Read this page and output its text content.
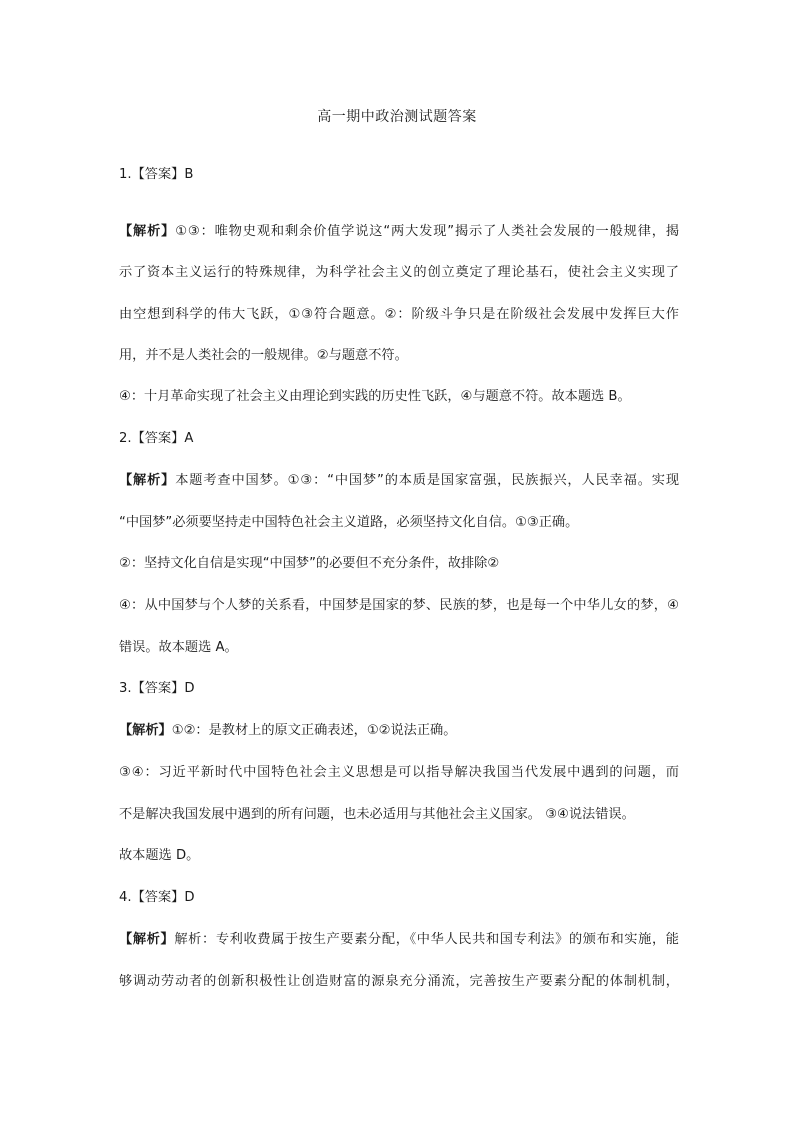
高一期中政治测试题答案
1.【答案】B
【解析】①③：唯物史观和剩余价值学说这“两大发现”揭示了人类社会发展的一般规律，揭
示了资本主义运行的特殊规律，为科学社会主义的创立奠定了理论基石，使社会主义实现了
由空想到科学的伟大飞跃，①③符合题意。②：阶级斗争只是在阶级社会发展中发挥巨大作
用，并不是人类社会的一般规律。②与题意不符。
④：十月革命实现了社会主义由理论到实践的历史性飞跃，④与题意不符。故本题选 B。
2.【答案】A
【解析】本题考查中国梦。①③：“中国梦”的本质是国家富强，民族振兴，人民幸福。实现
“中国梦”必须要坚持走中国特色社会主义道路，必须坚持文化自信。①③正确。
②：坚持文化自信是实现“中国梦”的必要但不充分条件，故排除②
④：从中国梦与个人梦的关系看，中国梦是国家的梦、民族的梦，也是每一个中华儿女的梦，④
错误。故本题选 A。
3.【答案】D
【解析】①②：是教材上的原文正确表述，①②说法正确。
③④：习近平新时代中国特色社会主义思想是可以指导解决我国当代发展中遇到的问题，而
不是解决我国发展中遇到的所有问题，也未必适用与其他社会主义国家。 ③④说法错误。
故本题选 D。
4.【答案】D
【解析】解析：专利收费属于按生产要素分配，《中华人民共和国专利法》的颁布和实施，能
够调动劳动者的创新积极性让创造财富的源泉充分涌流，完善按生产要素分配的体制机制，
